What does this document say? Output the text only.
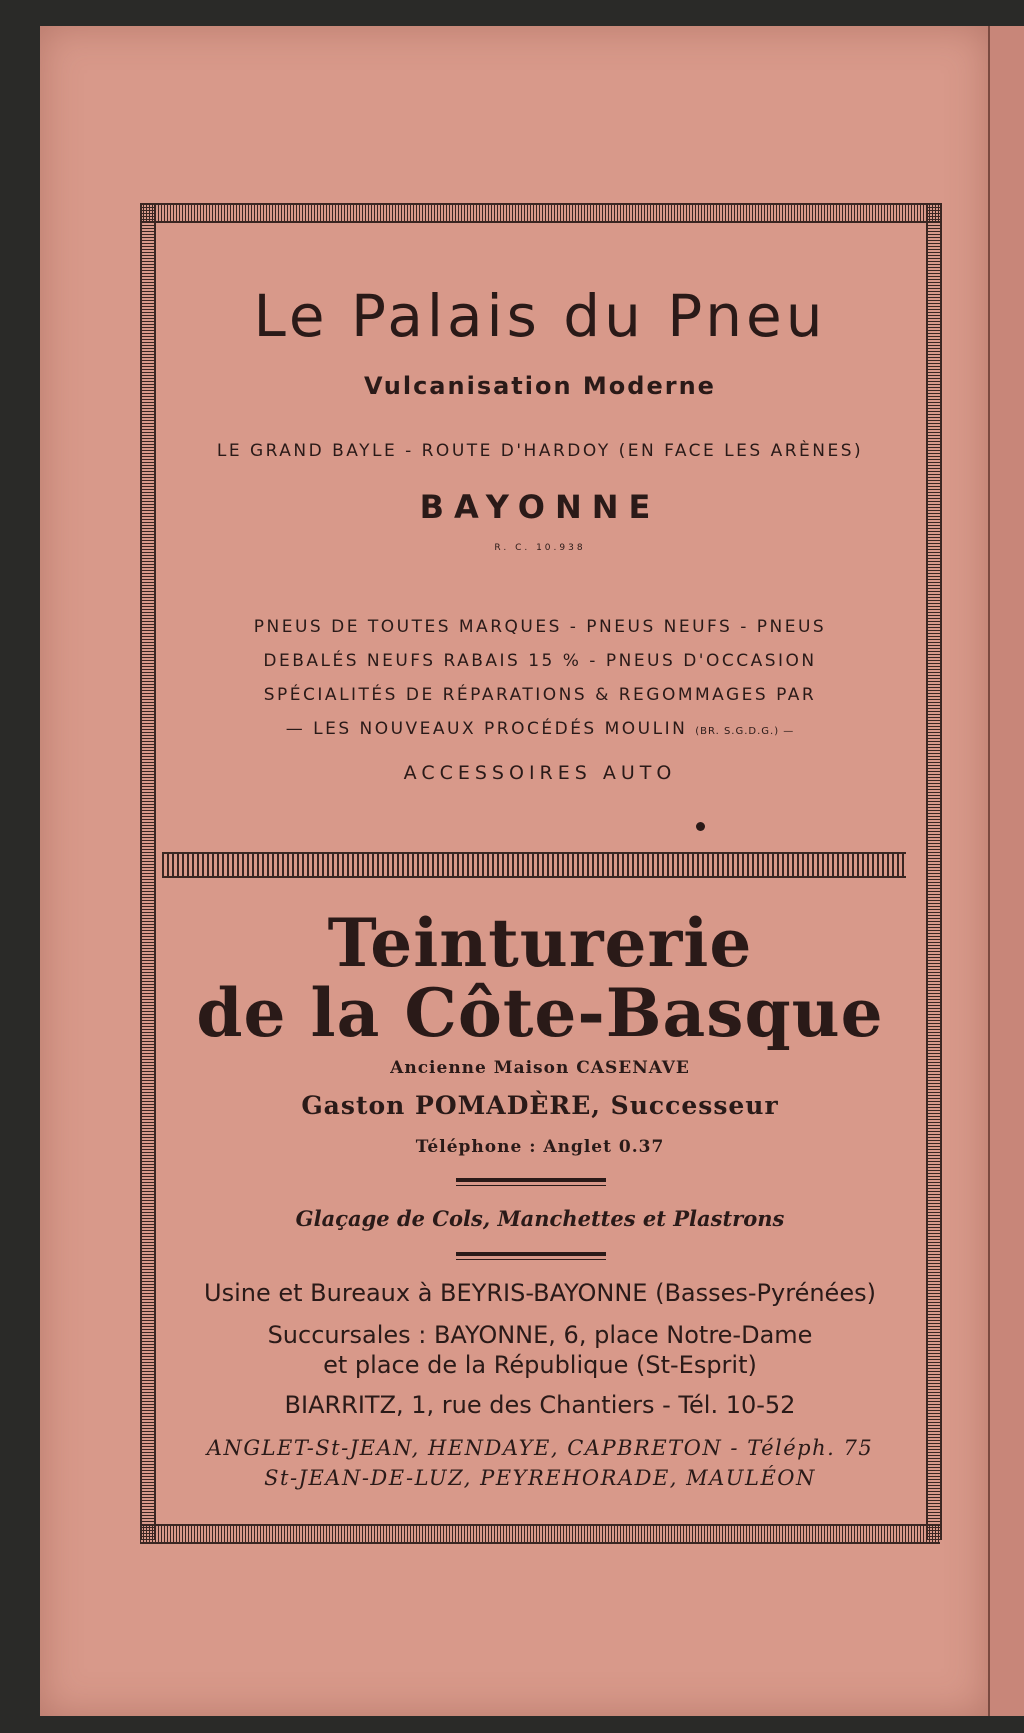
Le Palais du Pneu
Vulcanisation Moderne
LE GRAND BAYLE - ROUTE D'HARDOY (EN FACE LES ARÈNES)
BAYONNE
R. C. 10.938
PNEUS DE TOUTES MARQUES - PNEUS NEUFS - PNEUS
DEBALÉS NEUFS RABAIS 15 % - PNEUS D'OCCASION
SPÉCIALITÉS DE RÉPARATIONS & REGOMMAGES PAR
— LES NOUVEAUX PROCÉDÉS MOULIN (BR. S.G.D.G.) —
ACCESSOIRES AUTO
Teinturerie
de la Côte-Basque
Ancienne Maison CASENAVE
Gaston POMADÈRE, Successeur
Téléphone : Anglet 0.37
Glaçage de Cols, Manchettes et Plastrons
Usine et Bureaux à BEYRIS-BAYONNE (Basses-Pyrénées)
Succursales : BAYONNE, 6, place Notre-Dame
et place de la République (St-Esprit)
BIARRITZ, 1, rue des Chantiers - Tél. 10-52
ANGLET-St-JEAN, HENDAYE, CAPBRETON - Téléph. 75
St-JEAN-DE-LUZ, PEYREHORADE, MAULÉON
